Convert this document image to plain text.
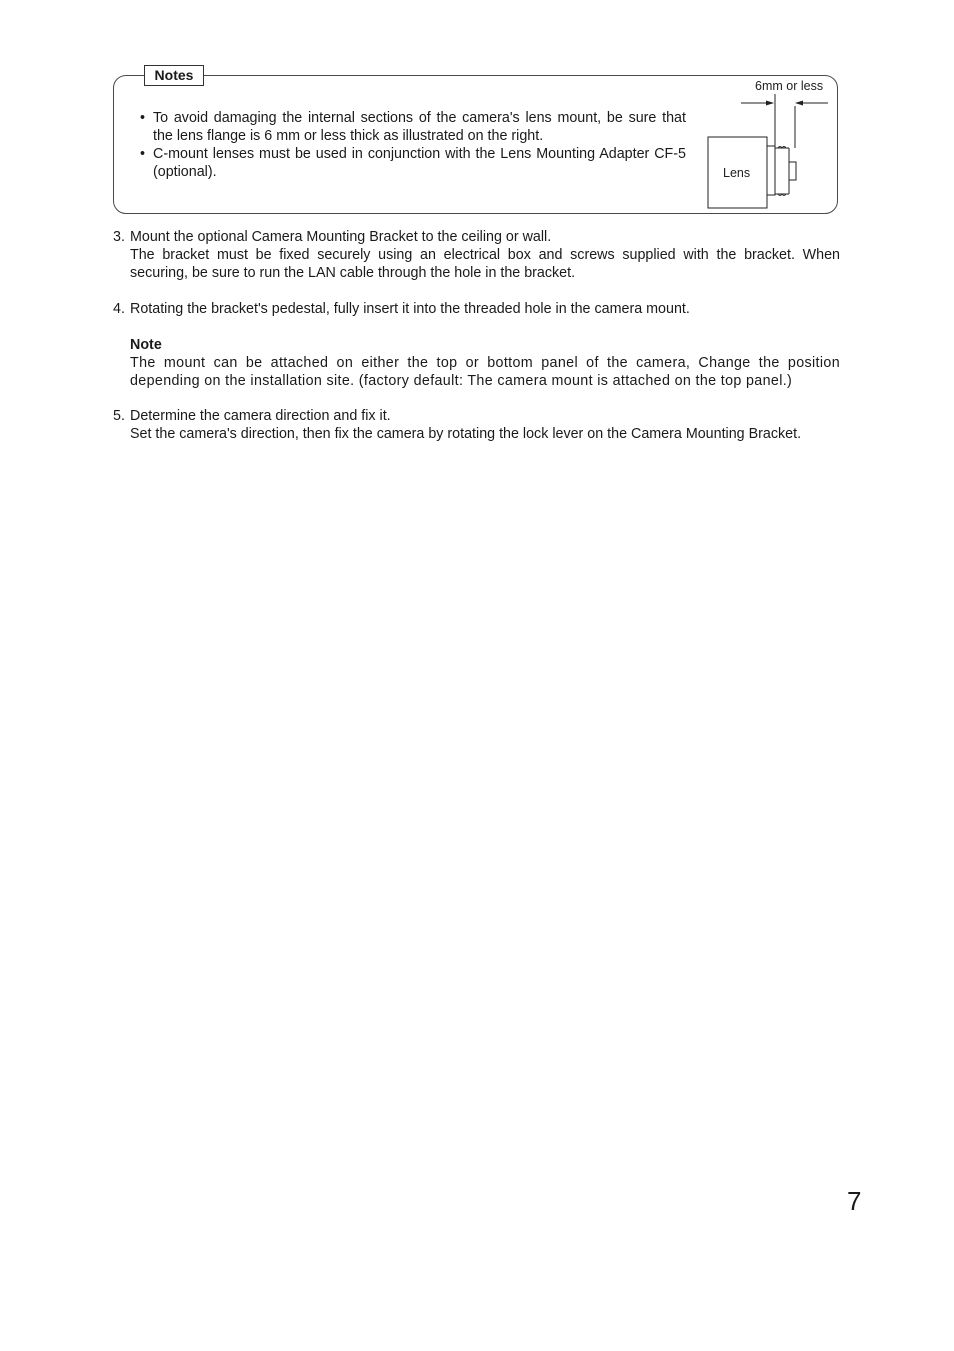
Notes
• To avoid damaging the internal sections of the camera's lens mount, be sure that the lens flange is 6 mm or less thick as illustrated on the right.
• C-mount lenses must be used in conjunction with the Lens Mounting Adapter CF-5 (optional).
6mm or less
Lens
3. Mount the optional Camera Mounting Bracket to the ceiling or wall.
The bracket must be fixed securely using an electrical box and screws supplied with the bracket. When securing, be sure to run the LAN cable through the hole in the bracket.
4. Rotating the bracket's pedestal, fully insert it into the threaded hole in the camera mount.
Note
The mount can be attached on either the top or bottom panel of the camera, Change the position depending on the installation site. (factory default: The camera mount is attached on the top panel.)
5. Determine the camera direction and fix it.
Set the camera's direction, then fix the camera by rotating the lock lever on the Camera Mounting Bracket.
7
